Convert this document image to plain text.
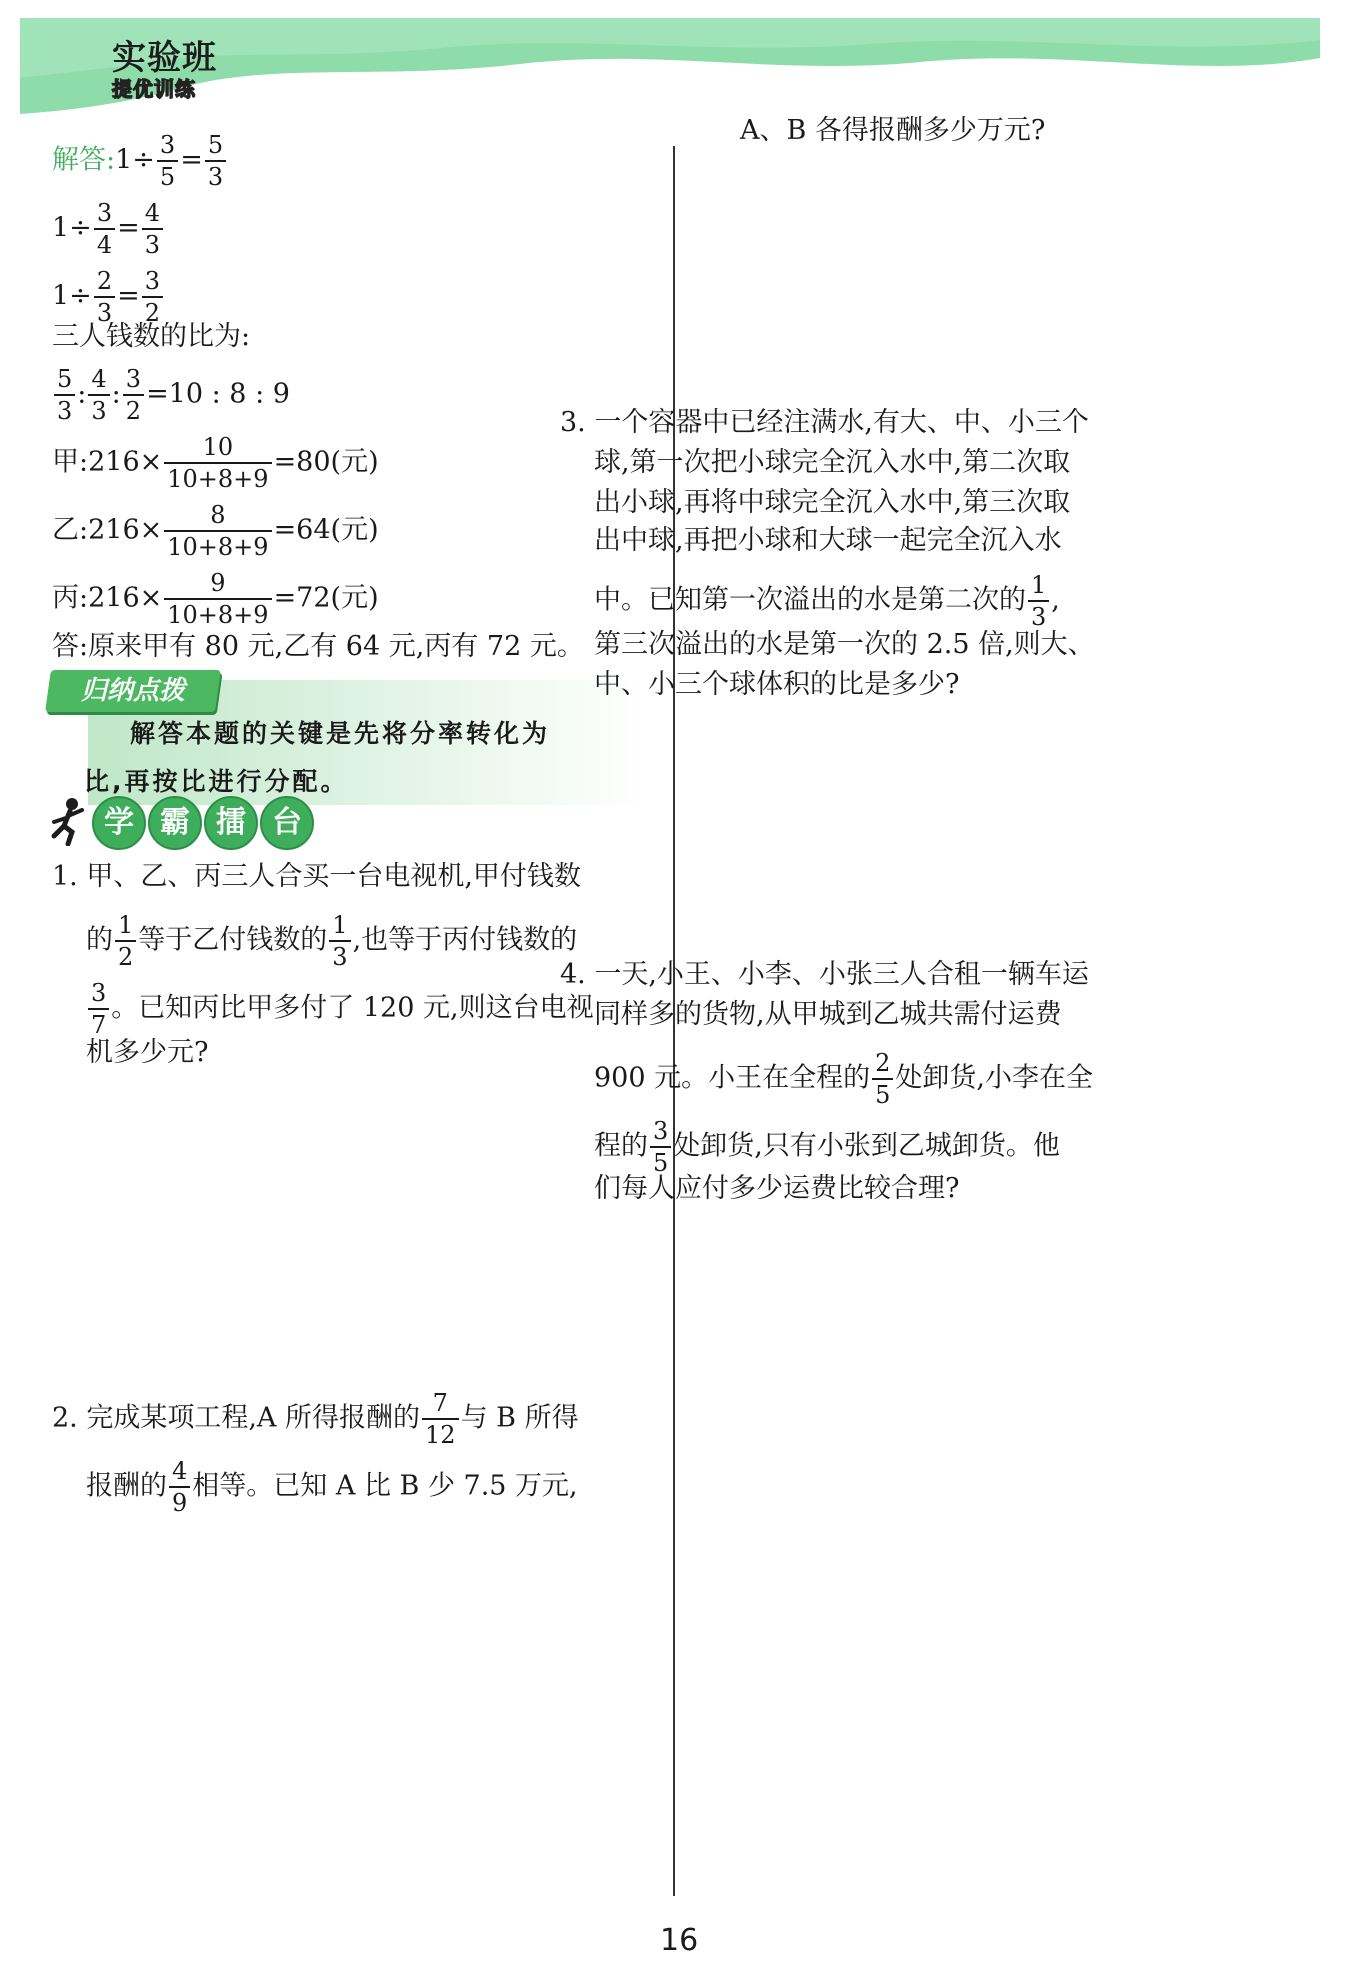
实验班
提优训练
解答:1÷ $\frac{3}{5} = \frac{5}{3}$
$1\div \frac{3}{4} = \frac{4}{3}$
$1\div \frac{2}{3} = \frac{3}{2}$
三人钱数的比为:
$\frac{5}{3}$ : $\frac{4}{3}$ : $\frac{3}{2} =10$ : 8 : 9
甲:216× $\frac{10}{10+8+9} =80$(元)
乙:216× $\frac{8}{10+8+9} =64$(元)
丙:216× $\frac{9}{10+8+9} =72$(元)
答:原来甲有 80 元,乙有 64 元,丙有 72 元。
归纳点拨
解答本题的关键是先将分率转化为
比,再按比进行分配。
学 霸 擂 台
1. 甲、乙、丙三人合买一台电视机,甲付钱数
的 $\frac{1}{2}$ 等于乙付钱数的 $\frac{1}{3}$ ,也等于丙付钱数的
$\frac{3}{7}$ 。已知丙比甲多付了 120 元,则这台电视
机多少元?
2. 完成某项工程,A 所得报酬的 $\frac{7}{12}$ 与 B 所得
报酬的 $\frac{4}{9}$ 相等。已知 A 比 B 少 7.5 万元,
A、B 各得报酬多少万元?
3. 一个容器中已经注满水,有大、中、小三个
球,第一次把小球完全沉入水中,第二次取
出小球,再将中球完全沉入水中,第三次取
出中球,再把小球和大球一起完全沉入水
中。已知第一次溢出的水是第二次的 $\frac{1}{3}$ ,
第三次溢出的水是第一次的 2.5 倍,则大、
中、小三个球体积的比是多少?
4. 一天,小王、小李、小张三人合租一辆车运
同样多的货物,从甲城到乙城共需付运费
900 元。小王在全程的 $\frac{2}{5}$ 处卸货,小李在全
程的 $\frac{3}{5}$ 处卸货,只有小张到乙城卸货。他
们每人应付多少运费比较合理?
16
